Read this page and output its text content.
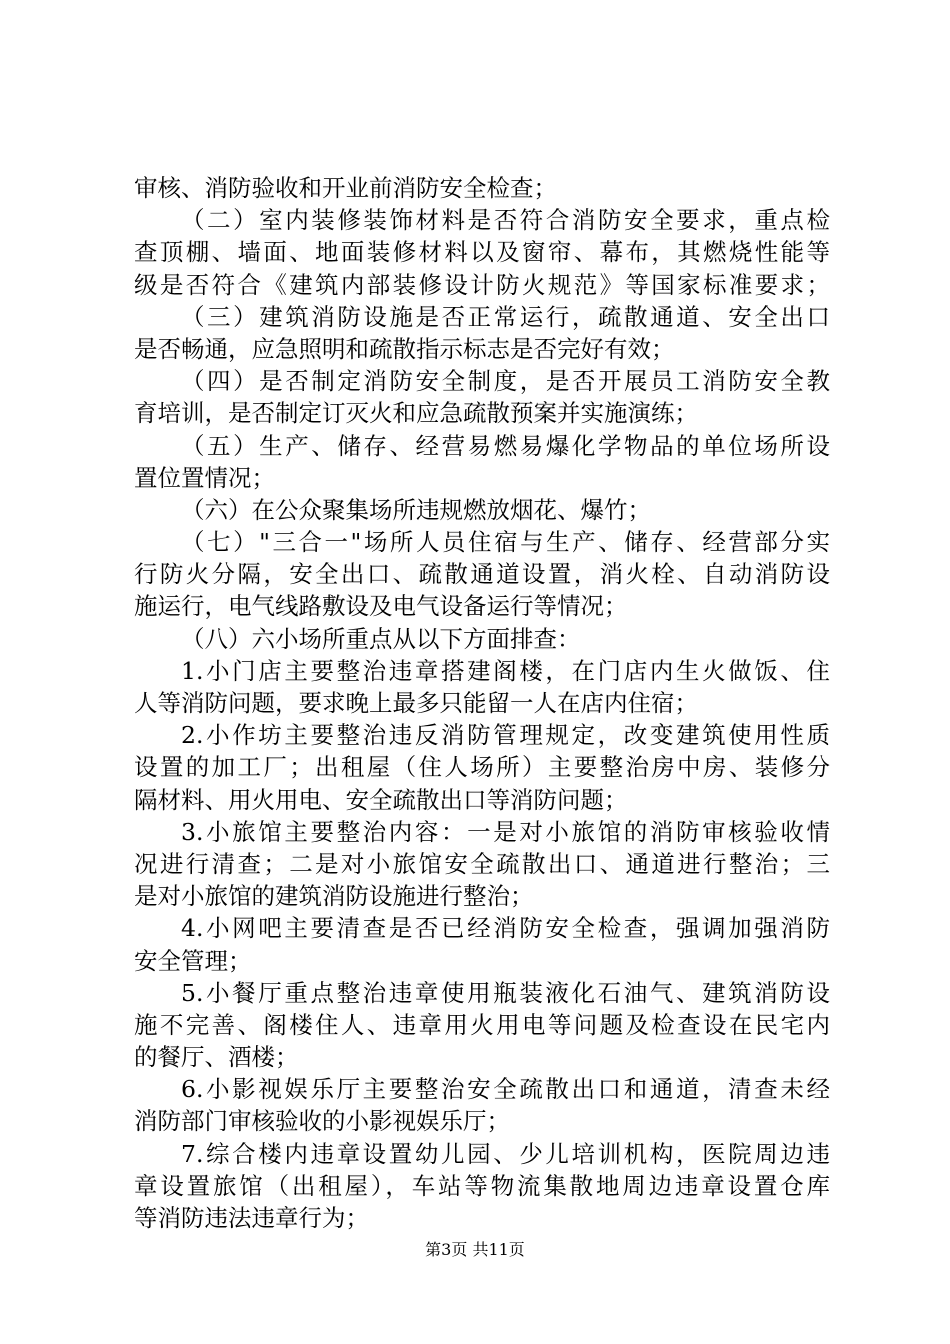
审核、消防验收和开业前消防安全检查；
（二）室内装修装饰材料是否符合消防安全要求，重点检
查顶棚、墙面、地面装修材料以及窗帘、幕布，其燃烧性能等
级是否符合《建筑内部装修设计防火规范》等国家标准要求；
（三）建筑消防设施是否正常运行，疏散通道、安全出口
是否畅通，应急照明和疏散指示标志是否完好有效；
（四）是否制定消防安全制度，是否开展员工消防安全教
育培训，是否制定订灭火和应急疏散预案并实施演练；
（五）生产、储存、经营易燃易爆化学物品的单位场所设
置位置情况；
（六）在公众聚集场所违规燃放烟花、爆竹；
（七）"三合一"场所人员住宿与生产、储存、经营部分实
行防火分隔，安全出口、疏散通道设置，消火栓、自动消防设
施运行，电气线路敷设及电气设备运行等情况；
（八）六小场所重点从以下方面排查：
1.小门店主要整治违章搭建阁楼，在门店内生火做饭、住
人等消防问题，要求晚上最多只能留一人在店内住宿；
2.小作坊主要整治违反消防管理规定，改变建筑使用性质
设置的加工厂；出租屋（住人场所）主要整治房中房、装修分
隔材料、用火用电、安全疏散出口等消防问题；
3.小旅馆主要整治内容：一是对小旅馆的消防审核验收情
况进行清查；二是对小旅馆安全疏散出口、通道进行整治；三
是对小旅馆的建筑消防设施进行整治；
4.小网吧主要清查是否已经消防安全检查，强调加强消防
安全管理；
5.小餐厅重点整治违章使用瓶装液化石油气、建筑消防设
施不完善、阁楼住人、违章用火用电等问题及检查设在民宅内
的餐厅、酒楼；
6.小影视娱乐厅主要整治安全疏散出口和通道，清查未经
消防部门审核验收的小影视娱乐厅；
7.综合楼内违章设置幼儿园、少儿培训机构，医院周边违
章设置旅馆（出租屋），车站等物流集散地周边违章设置仓库
等消防违法违章行为；
第3页 共11页
